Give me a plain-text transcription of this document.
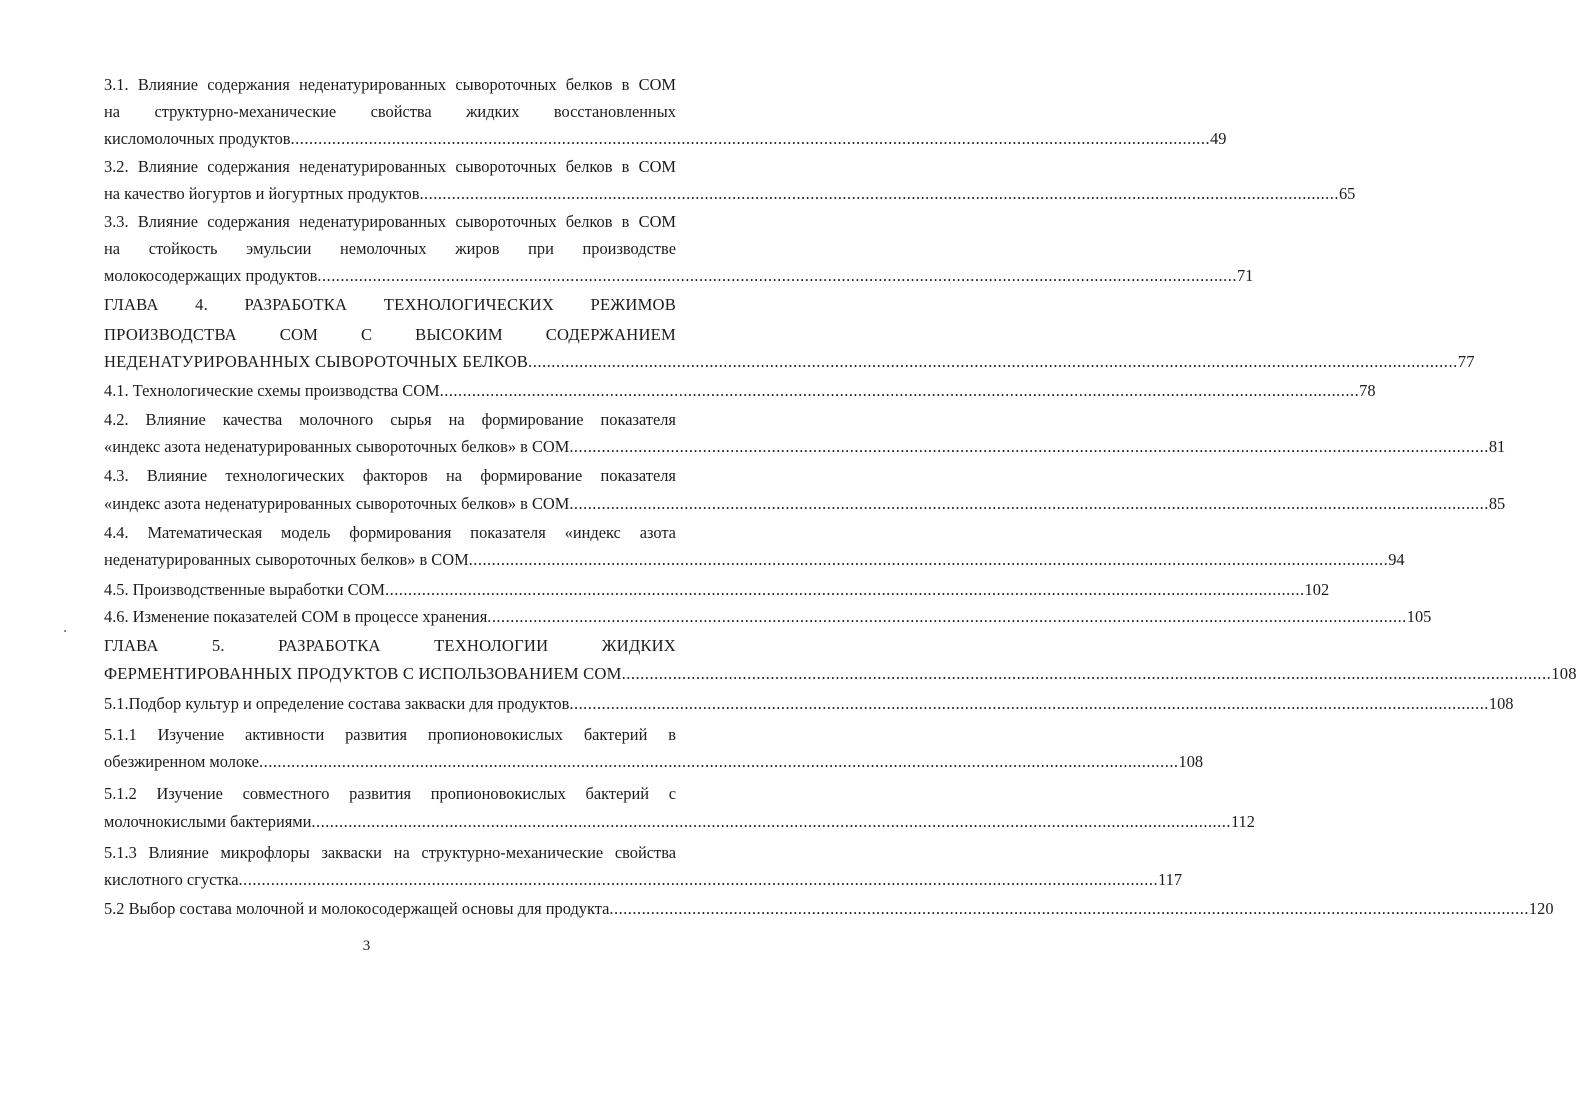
3.1. Влияние содержания неденатурированных сывороточных белков в СОМ
на структурно-механические свойства жидких восстановленных
кисломолочных продуктов ........................................................................................................................................................................................................ 49
3.2. Влияние содержания неденатурированных сывороточных белков в СОМ
на качество йогуртов и йогуртных продуктов ........................................................................................................................................................................................................ 65
3.3. Влияние содержания неденатурированных сывороточных белков в СОМ
на стойкость эмульсии немолочных жиров при производстве
молокосодержащих продуктов ........................................................................................................................................................................................................ 71
ГЛАВА 4. РАЗРАБОТКА ТЕХНОЛОГИЧЕСКИХ РЕЖИМОВ
ПРОИЗВОДСТВА	СОМ	С	ВЫСОКИМ	СОДЕРЖАНИЕМ
НЕДЕНАТУРИРОВАННЫХ СЫВОРОТОЧНЫХ БЕЛКОВ ........................................................................................................................................................................................................ 77
4.1. Технологические схемы производства СОМ ........................................................................................................................................................................................................ 78
4.2. Влияние качества молочного сырья на формирование показателя
«индекс азота неденатурированных сывороточных белков» в СОМ ........................................................................................................................................................................................................ 81
4.3. Влияние технологических факторов на формирование показателя
«индекс азота неденатурированных сывороточных белков» в СОМ ........................................................................................................................................................................................................ 85
4.4. Математическая модель формирования показателя «индекс азота
неденатурированных сывороточных белков» в СОМ ........................................................................................................................................................................................................ 94
4.5. Производственные выработки СОМ ........................................................................................................................................................................................................ 102
4.6. Изменение показателей СОМ в процессе хранения ........................................................................................................................................................................................................ 105
ГЛАВА	5.	РАЗРАБОТКА	ТЕХНОЛОГИИ	ЖИДКИХ
ФЕРМЕНТИРОВАННЫХ ПРОДУКТОВ С ИСПОЛЬЗОВАНИЕМ СОМ ........................................................................................................................................................................................................ 108
5.1.Подбор культур и определение состава закваски для продуктов ........................................................................................................................................................................................................ 108
5.1.1 Изучение активности развития пропионовокислых бактерий в
обезжиренном молоке ........................................................................................................................................................................................................ 108
5.1.2 Изучение совместного развития пропионовокислых бактерий с
молочнокислыми бактериями ........................................................................................................................................................................................................ 112
5.1.3 Влияние микрофлоры закваски на структурно-механические свойства
кислотного сгустка ........................................................................................................................................................................................................ 117
5.2 Выбор состава молочной и молокосодержащей основы для продукта ........................................................................................................................................................................................................ 120
3
